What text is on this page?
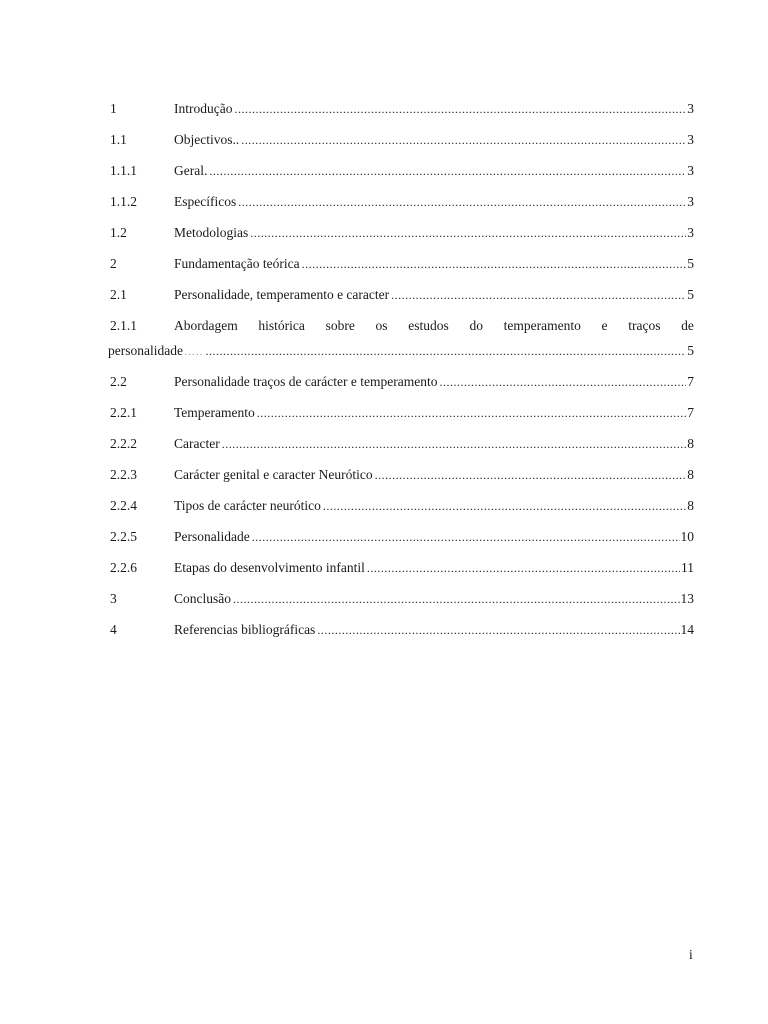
1	Introdução .....	3
1.1	Objectivos.. .....	3
1.1.1	Geral. .....	3
1.1.2	Específicos .....	3
1.2	Metodologias .....	3
2	Fundamentação teórica .....	5
2.1	Personalidade, temperamento e caracter .....	5
2.1.1	Abordagem histórica sobre os estudos do temperamento e traços de
personalidade ….. .....	5
2.2	Personalidade traços de carácter e temperamento .....	7
2.2.1	Temperamento .....	7
2.2.2	Caracter .....	8
2.2.3	Carácter genital e caracter Neurótico .....	8
2.2.4	Tipos de carácter neurótico .....	8
2.2.5	Personalidade .....	10
2.2.6	Etapas do desenvolvimento infantil .....	11
3	Conclusão .....	13
4	Referencias bibliográficas .....	14
i
